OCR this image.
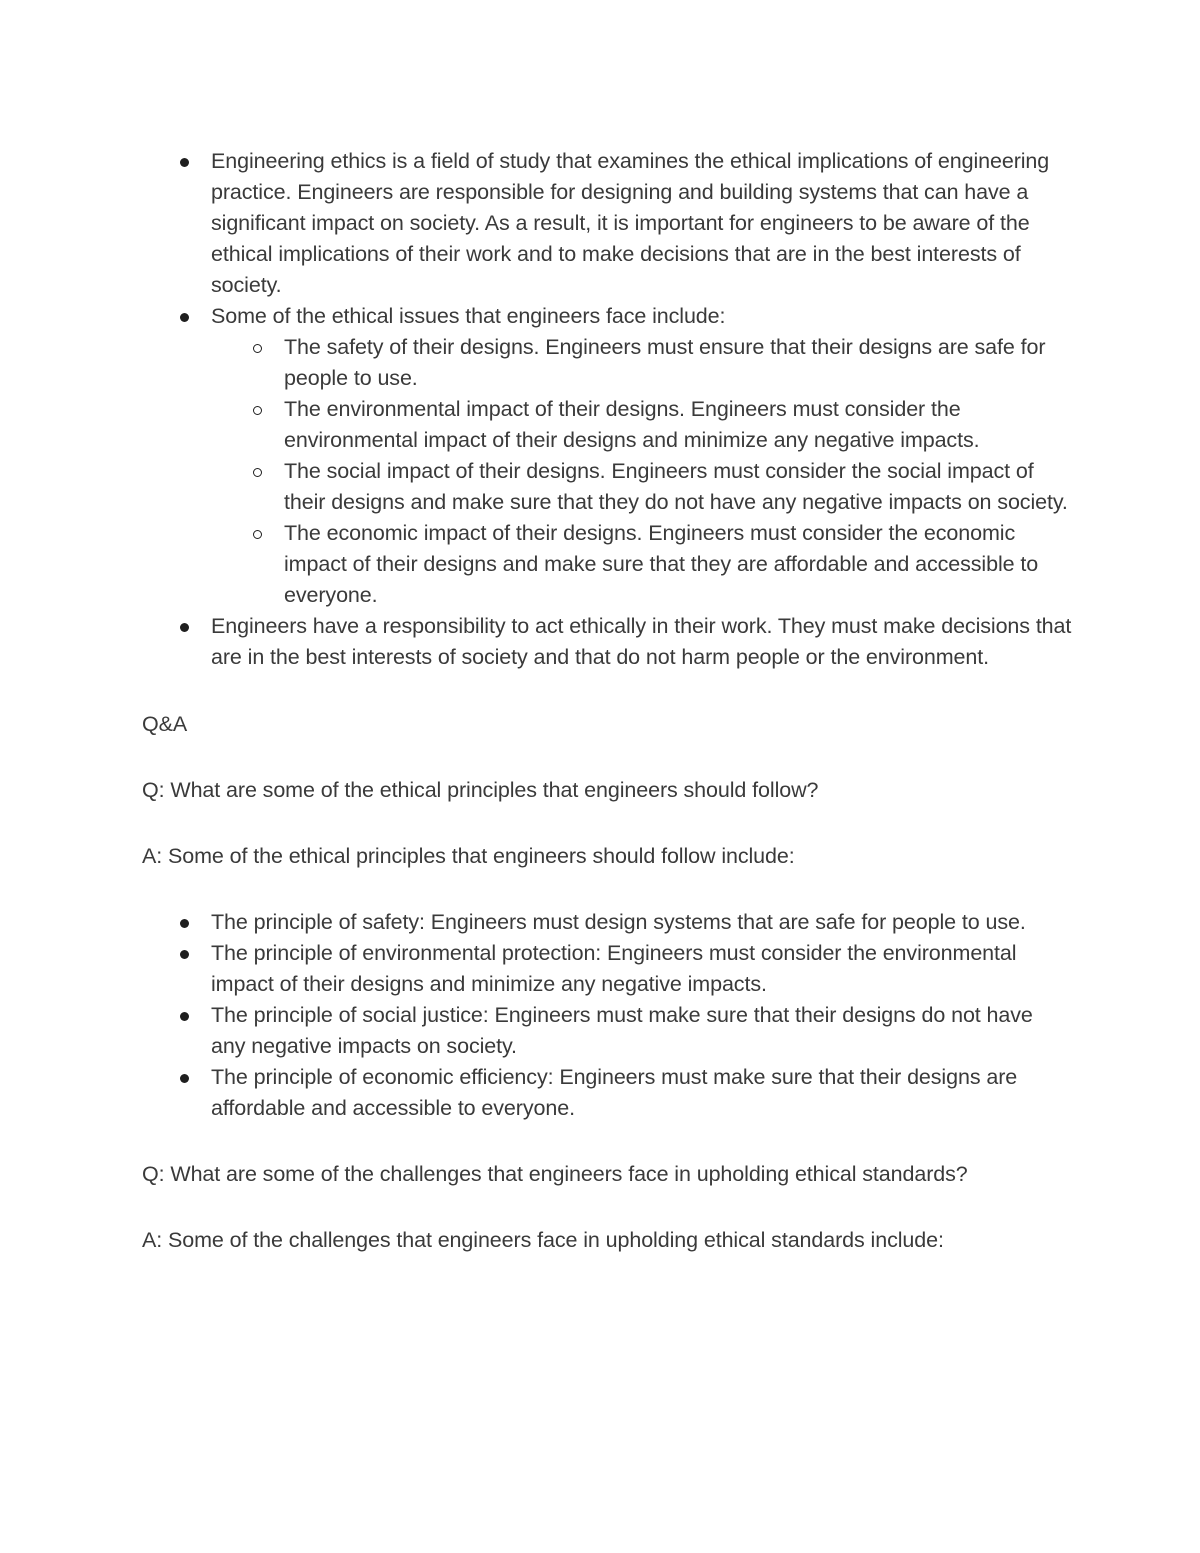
Engineering ethics is a field of study that examines the ethical implications of engineering practice. Engineers are responsible for designing and building systems that can have a significant impact on society. As a result, it is important for engineers to be aware of the ethical implications of their work and to make decisions that are in the best interests of society.
Some of the ethical issues that engineers face include:
The safety of their designs. Engineers must ensure that their designs are safe for people to use.
The environmental impact of their designs. Engineers must consider the environmental impact of their designs and minimize any negative impacts.
The social impact of their designs. Engineers must consider the social impact of their designs and make sure that they do not have any negative impacts on society.
The economic impact of their designs. Engineers must consider the economic impact of their designs and make sure that they are affordable and accessible to everyone.
Engineers have a responsibility to act ethically in their work. They must make decisions that are in the best interests of society and that do not harm people or the environment.

Q&A

Q: What are some of the ethical principles that engineers should follow?

A: Some of the ethical principles that engineers should follow include:

The principle of safety: Engineers must design systems that are safe for people to use.
The principle of environmental protection: Engineers must consider the environmental impact of their designs and minimize any negative impacts.
The principle of social justice: Engineers must make sure that their designs do not have any negative impacts on society.
The principle of economic efficiency: Engineers must make sure that their designs are affordable and accessible to everyone.

Q: What are some of the challenges that engineers face in upholding ethical standards?

A: Some of the challenges that engineers face in upholding ethical standards include:
